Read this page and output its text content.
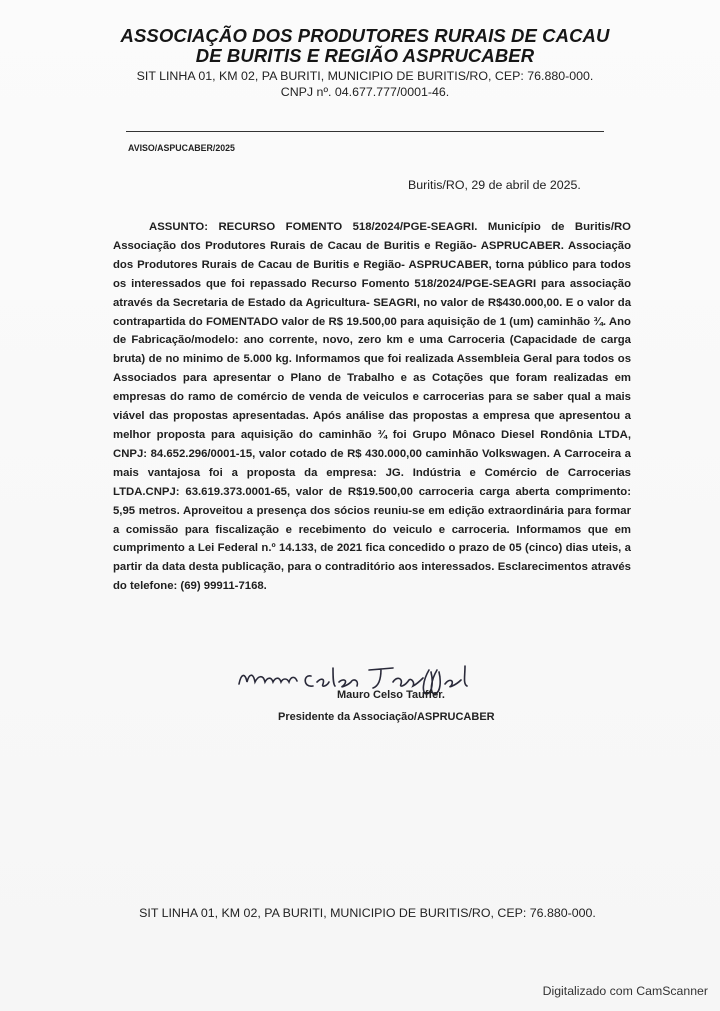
ASSOCIAÇÃO DOS PRODUTORES RURAIS DE CACAU
DE BURITIS E REGIÃO ASPRUCABER
SIT LINHA 01, KM 02, PA BURITI, MUNICIPIO DE BURITIS/RO, CEP: 76.880-000.
CNPJ nº. 04.677.777/0001-46.
AVISO/ASPUCABER/2025
Buritis/RO, 29 de abril de 2025.
ASSUNTO: RECURSO FOMENTO 518/2024/PGE-SEAGRI. Município de Buritis/RO Associação dos Produtores Rurais de Cacau de Buritis e Região- ASPRUCABER. Associação dos Produtores Rurais de Cacau de Buritis e Região- ASPRUCABER, torna público para todos os interessados que foi repassado Recurso Fomento 518/2024/PGE-SEAGRI para associação através da Secretaria de Estado da Agricultura- SEAGRI, no valor de R$430.000,00. E o valor da contrapartida do FOMENTADO valor de R$ 19.500,00 para aquisição de 1 (um) caminhão ¾. Ano de Fabricação/modelo: ano corrente, novo, zero km e uma Carroceria (Capacidade de carga bruta) de no minimo de 5.000 kg. Informamos que foi realizada Assembleia Geral para todos os Associados para apresentar o Plano de Trabalho e as Cotações que foram realizadas em empresas do ramo de comércio de venda de veiculos e carrocerias para se saber qual a mais viável das propostas apresentadas. Após análise das propostas a empresa que apresentou a melhor proposta para aquisição do caminhão ¾ foi Grupo Mônaco Diesel Rondônia LTDA, CNPJ: 84.652.296/0001-15, valor cotado de R$ 430.000,00 caminhão Volkswagen. A Carroceira a mais vantajosa foi a proposta da empresa: JG. Indústria e Comércio de Carrocerias LTDA.CNPJ: 63.619.373.0001-65, valor de R$19.500,00 carroceria carga aberta comprimento: 5,95 metros. Aproveitou a presença dos sócios reuniu-se em edição extraordinária para formar a comissão para fiscalização e recebimento do veiculo e carroceria. Informamos que em cumprimento a Lei Federal n.º 14.133, de 2021 fica concedido o prazo de 05 (cinco) dias uteis, a partir da data desta publicação, para o contraditório aos interessados. Esclarecimentos através do telefone: (69) 99911-7168.
Mauro Celso Tauffer.
Presidente da Associação/ASPRUCABER
SIT LINHA 01, KM 02, PA BURITI, MUNICIPIO DE BURITIS/RO, CEP: 76.880-000.
Digitalizado com CamScanner
